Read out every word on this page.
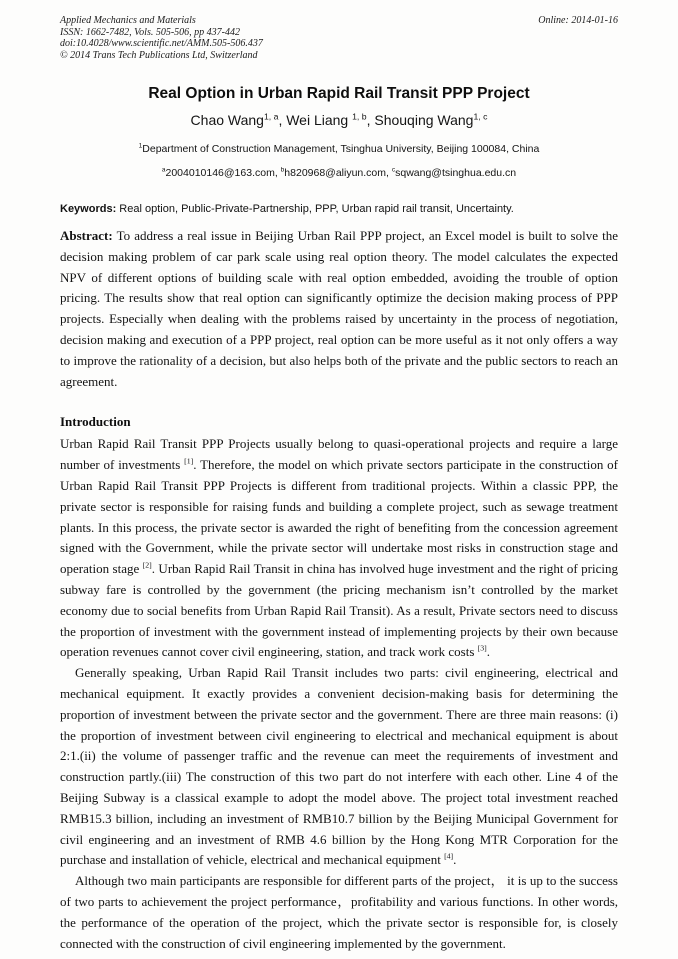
Applied Mechanics and Materials
ISSN: 1662-7482, Vols. 505-506, pp 437-442
doi:10.4028/www.scientific.net/AMM.505-506.437
© 2014 Trans Tech Publications Ltd, Switzerland
Online: 2014-01-16
Real Option in Urban Rapid Rail Transit PPP Project
Chao Wang$^{1, a}$, Wei Liang $^{1, b}$, Shouqing Wang$^{1, c}$
$^1$Department of Construction Management, Tsinghua University, Beijing 100084, China
$^a$2004010146@163.com, $^b$h820968@aliyun.com, $^c$sqwang@tsinghua.edu.cn
Keywords: Real option, Public-Private-Partnership, PPP, Urban rapid rail transit, Uncertainty.
Abstract: To address a real issue in Beijing Urban Rail PPP project, an Excel model is built to solve the decision making problem of car park scale using real option theory. The model calculates the expected NPV of different options of building scale with real option embedded, avoiding the trouble of option pricing. The results show that real option can significantly optimize the decision making process of PPP projects. Especially when dealing with the problems raised by uncertainty in the process of negotiation, decision making and execution of a PPP project, real option can be more useful as it not only offers a way to improve the rationality of a decision, but also helps both of the private and the public sectors to reach an agreement.
Introduction
Urban Rapid Rail Transit PPP Projects usually belong to quasi-operational projects and require a large number of investments [1]. Therefore, the model on which private sectors participate in the construction of Urban Rapid Rail Transit PPP Projects is different from traditional projects. Within a classic PPP, the private sector is responsible for raising funds and building a complete project, such as sewage treatment plants. In this process, the private sector is awarded the right of benefiting from the concession agreement signed with the Government, while the private sector will undertake most risks in construction stage and operation stage [2]. Urban Rapid Rail Transit in china has involved huge investment and the right of pricing subway fare is controlled by the government (the pricing mechanism isn’t controlled by the market economy due to social benefits from Urban Rapid Rail Transit). As a result, Private sectors need to discuss the proportion of investment with the government instead of implementing projects by their own because operation revenues cannot cover civil engineering, station, and track work costs [3].
Generally speaking, Urban Rapid Rail Transit includes two parts: civil engineering, electrical and mechanical equipment. It exactly provides a convenient decision-making basis for determining the proportion of investment between the private sector and the government. There are three main reasons: (i) the proportion of investment between civil engineering to electrical and mechanical equipment is about 2:1.(ii) the volume of passenger traffic and the revenue can meet the requirements of investment and construction partly.(iii) The construction of this two part do not interfere with each other. Line 4 of the Beijing Subway is a classical example to adopt the model above. The project total investment reached RMB15.3 billion, including an investment of RMB10.7 billion by the Beijing Municipal Government for civil engineering and an investment of RMB 4.6 billion by the Hong Kong MTR Corporation for the purchase and installation of vehicle, electrical and mechanical equipment [4].
Although two main participants are responsible for different parts of the project， it is up to the success of two parts to achievement the project performance，profitability and various functions. In other words, the performance of the operation of the project, which the private sector is responsible for, is closely connected with the construction of civil engineering implemented by the government.
